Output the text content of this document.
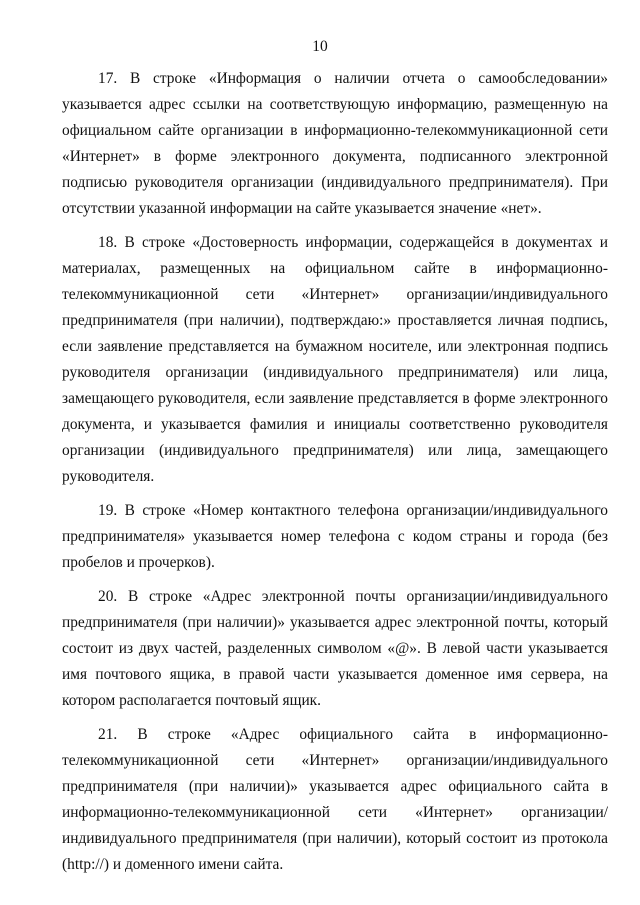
10

17. В строке «Информация о наличии отчета о самообследовании» указывается адрес ссылки на соответствующую информацию, размещенную на официальном сайте организации в информационно-телекоммуникационной сети «Интернет» в форме электронного документа, подписанного электронной подписью руководителя организации (индивидуального предпринимателя). При отсутствии указанной информации на сайте указывается значение «нет».

18. В строке «Достоверность информации, содержащейся в документах и материалах, размещенных на официальном сайте в информационно-телекоммуникационной сети «Интернет» организации/индивидуального предпринимателя (при наличии), подтверждаю:» проставляется личная подпись, если заявление представляется на бумажном носителе, или электронная подпись руководителя организации (индивидуального предпринимателя) или лица, замещающего руководителя, если заявление представляется в форме электронного документа, и указывается фамилия и инициалы соответственно руководителя организации (индивидуального предпринимателя) или лица, замещающего руководителя.

19. В строке «Номер контактного телефона организации/индивидуального предпринимателя» указывается номер телефона с кодом страны и города (без пробелов и прочерков).

20. В строке «Адрес электронной почты организации/индивидуального предпринимателя (при наличии)» указывается адрес электронной почты, который состоит из двух частей, разделенных символом «@». В левой части указывается имя почтового ящика, в правой части указывается доменное имя сервера, на котором располагается почтовый ящик.

21. В строке «Адрес официального сайта в информационно-телекоммуникационной сети «Интернет» организации/индивидуального предпринимателя (при наличии)» указывается адрес официального сайта в информационно-телекоммуникационной сети «Интернет» организации/индивидуального предпринимателя (при наличии), который состоит из протокола (http://) и доменного имени сайта.
